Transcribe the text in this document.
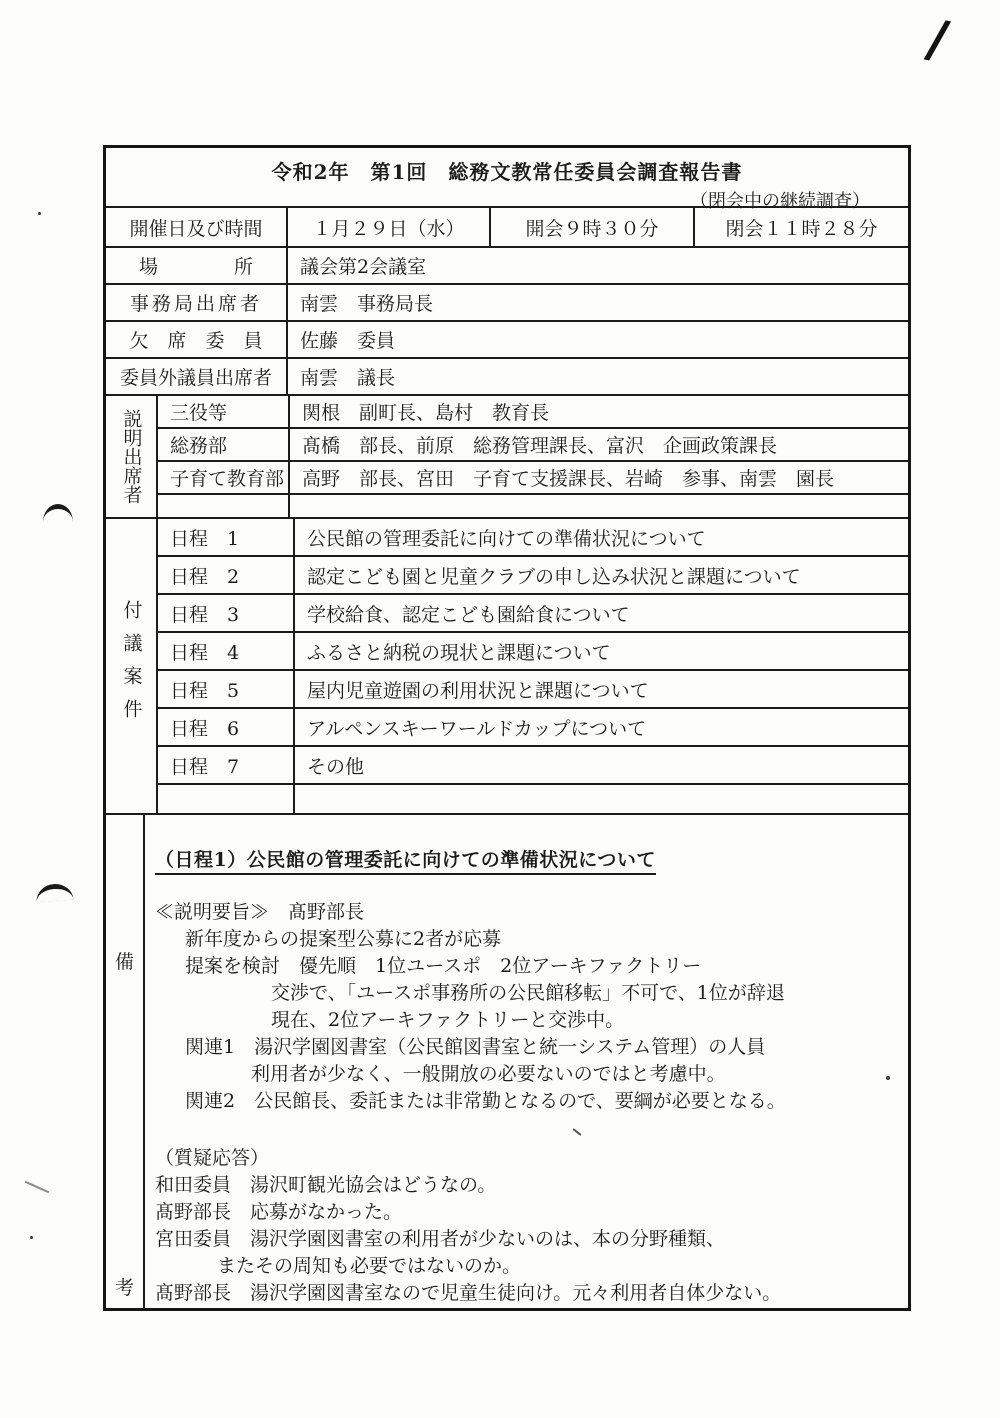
/
令和2年　第1回　総務文教常任委員会調査報告書
（閉会中の継続調査）
開催日及び時間	１月２９日（水）	開会９時３０分	閉会１１時２８分
場　　　　所	議会第2会議室
事務局出席者	南雲　事務局長
欠　席　委　員	佐藤　委員
委員外議員出席者	南雲　議長
説明出席者	三役等	関根　副町長、島村　教育長
総務部	髙橋　部長、前原　総務管理課長、富沢　企画政策課長
子育て教育部 高野　部長、宮田　子育て支援課長、岩崎　参事、南雲　園長
付議案件
日程　1	公民館の管理委託に向けての準備状況について
日程　2	認定こども園と児童クラブの申し込み状況と課題について
日程　3	学校給食、認定こども園給食について
日程　4	ふるさと納税の現状と課題について
日程　5	屋内児童遊園の利用状況と課題について
日程　6	アルペンスキーワールドカップについて
日程　7	その他
備
考
（日程1）公民館の管理委託に向けての準備状況について
≪説明要旨≫　髙野部長
新年度からの提案型公募に2者が応募
提案を検討　優先順　1位ユースポ　2位アーキファクトリー
交渉で、「ユースポ事務所の公民館移転」不可で、1位が辞退
現在、2位アーキファクトリーと交渉中。
関連1　湯沢学園図書室（公民館図書室と統一システム管理）の人員
利用者が少なく、一般開放の必要ないのではと考慮中。
関連2　公民館長、委託または非常勤となるので、要綱が必要となる。
（質疑応答）
和田委員　湯沢町観光協会はどうなの。
髙野部長　応募がなかった。
宮田委員　湯沢学園図書室の利用者が少ないのは、本の分野種類、
またその周知も必要ではないのか。
髙野部長　湯沢学園図書室なので児童生徒向け。元々利用者自体少ない。
